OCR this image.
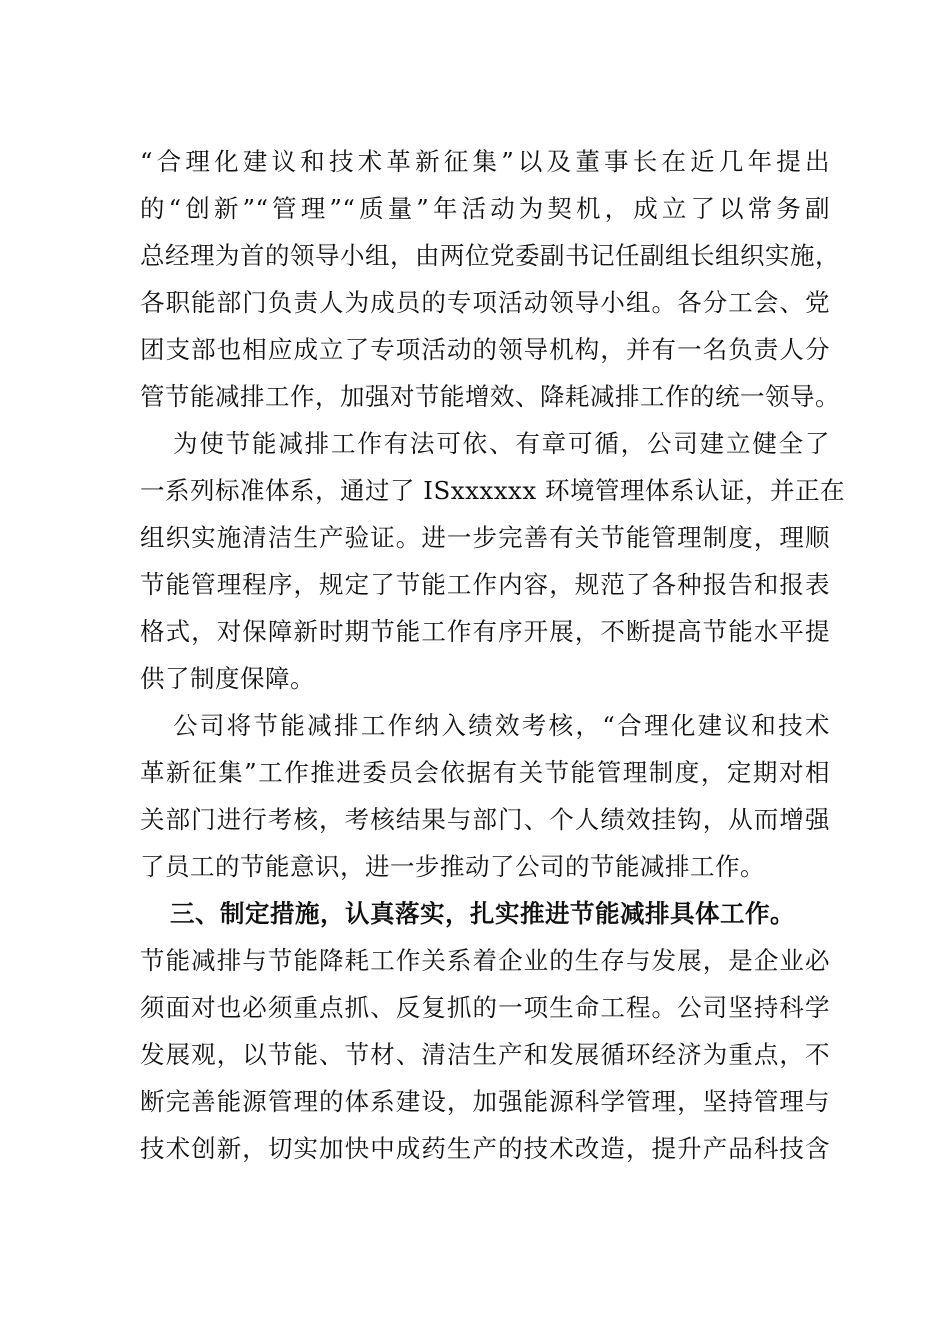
“合理化建议和技术革新征集”以及董事长在近几年提出
的“创新”“管理”“质量”年活动为契机，成立了以常务副
总经理为首的领导小组，由两位党委副书记任副组长组织实施，
各职能部门负责人为成员的专项活动领导小组。各分工会、党
团支部也相应成立了专项活动的领导机构，并有一名负责人分
管节能减排工作，加强对节能增效、降耗减排工作的统一领导。
为使节能减排工作有法可依、有章可循，公司建立健全了
一系列标准体系，通过了 ISxxxxxx 环境管理体系认证，并正在
组织实施清洁生产验证。进一步完善有关节能管理制度，理顺
节能管理程序，规定了节能工作内容，规范了各种报告和报表
格式，对保障新时期节能工作有序开展，不断提高节能水平提
供了制度保障。
公司将节能减排工作纳入绩效考核，“合理化建议和技术
革新征集”工作推进委员会依据有关节能管理制度，定期对相
关部门进行考核，考核结果与部门、个人绩效挂钩，从而增强
了员工的节能意识，进一步推动了公司的节能减排工作。
三、制定措施，认真落实，扎实推进节能减排具体工作。
节能减排与节能降耗工作关系着企业的生存与发展，是企业必
须面对也必须重点抓、反复抓的一项生命工程。公司坚持科学
发展观，以节能、节材、清洁生产和发展循环经济为重点，不
断完善能源管理的体系建设，加强能源科学管理，坚持管理与
技术创新，切实加快中成药生产的技术改造，提升产品科技含
